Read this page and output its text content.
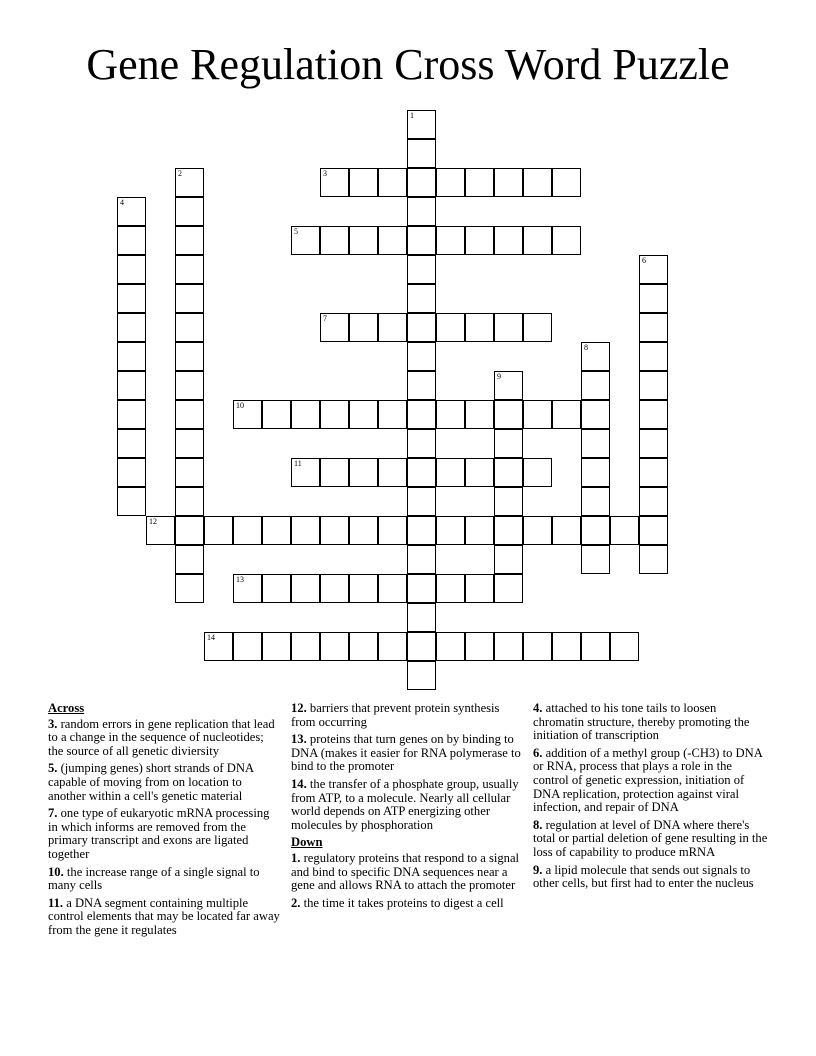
Gene Regulation Cross Word Puzzle
1
2	3
4
5
6
7
8
9
10
11
12
13
14
Across
3. random errors in gene replication that lead to a change in the sequence of nucleotides; the source of all genetic diviersity
5. (jumping genes) short strands of DNA capable of moving from on location to another within a cell's genetic material
7. one type of eukaryotic mRNA processing in which informs are removed from the primary transcript and exons are ligated together
10. the increase range of a single signal to many cells
11. a DNA segment containing multiple control elements that may be located far away from the gene it regulates
12. barriers that prevent protein synthesis from occurring
13. proteins that turn genes on by binding to DNA (makes it easier for RNA polymerase to bind to the promoter
14. the transfer of a phosphate group, usually from ATP, to a molecule. Nearly all cellular world depends on ATP energizing other molecules by phosphoration
Down
1. regulatory proteins that respond to a signal and bind to specific DNA sequences near a gene and allows RNA to attach the promoter
2. the time it takes proteins to digest a cell
4. attached to his tone tails to loosen chromatin structure, thereby promoting the initiation of transcription
6. addition of a methyl group (-CH3) to DNA or RNA, process that plays a role in the control of genetic expression, initiation of DNA replication, protection against viral infection, and repair of DNA
8. regulation at level of DNA where there's total or partial deletion of gene resulting in the loss of capability to produce mRNA
9. a lipid molecule that sends out signals to other cells, but first had to enter the nucleus
